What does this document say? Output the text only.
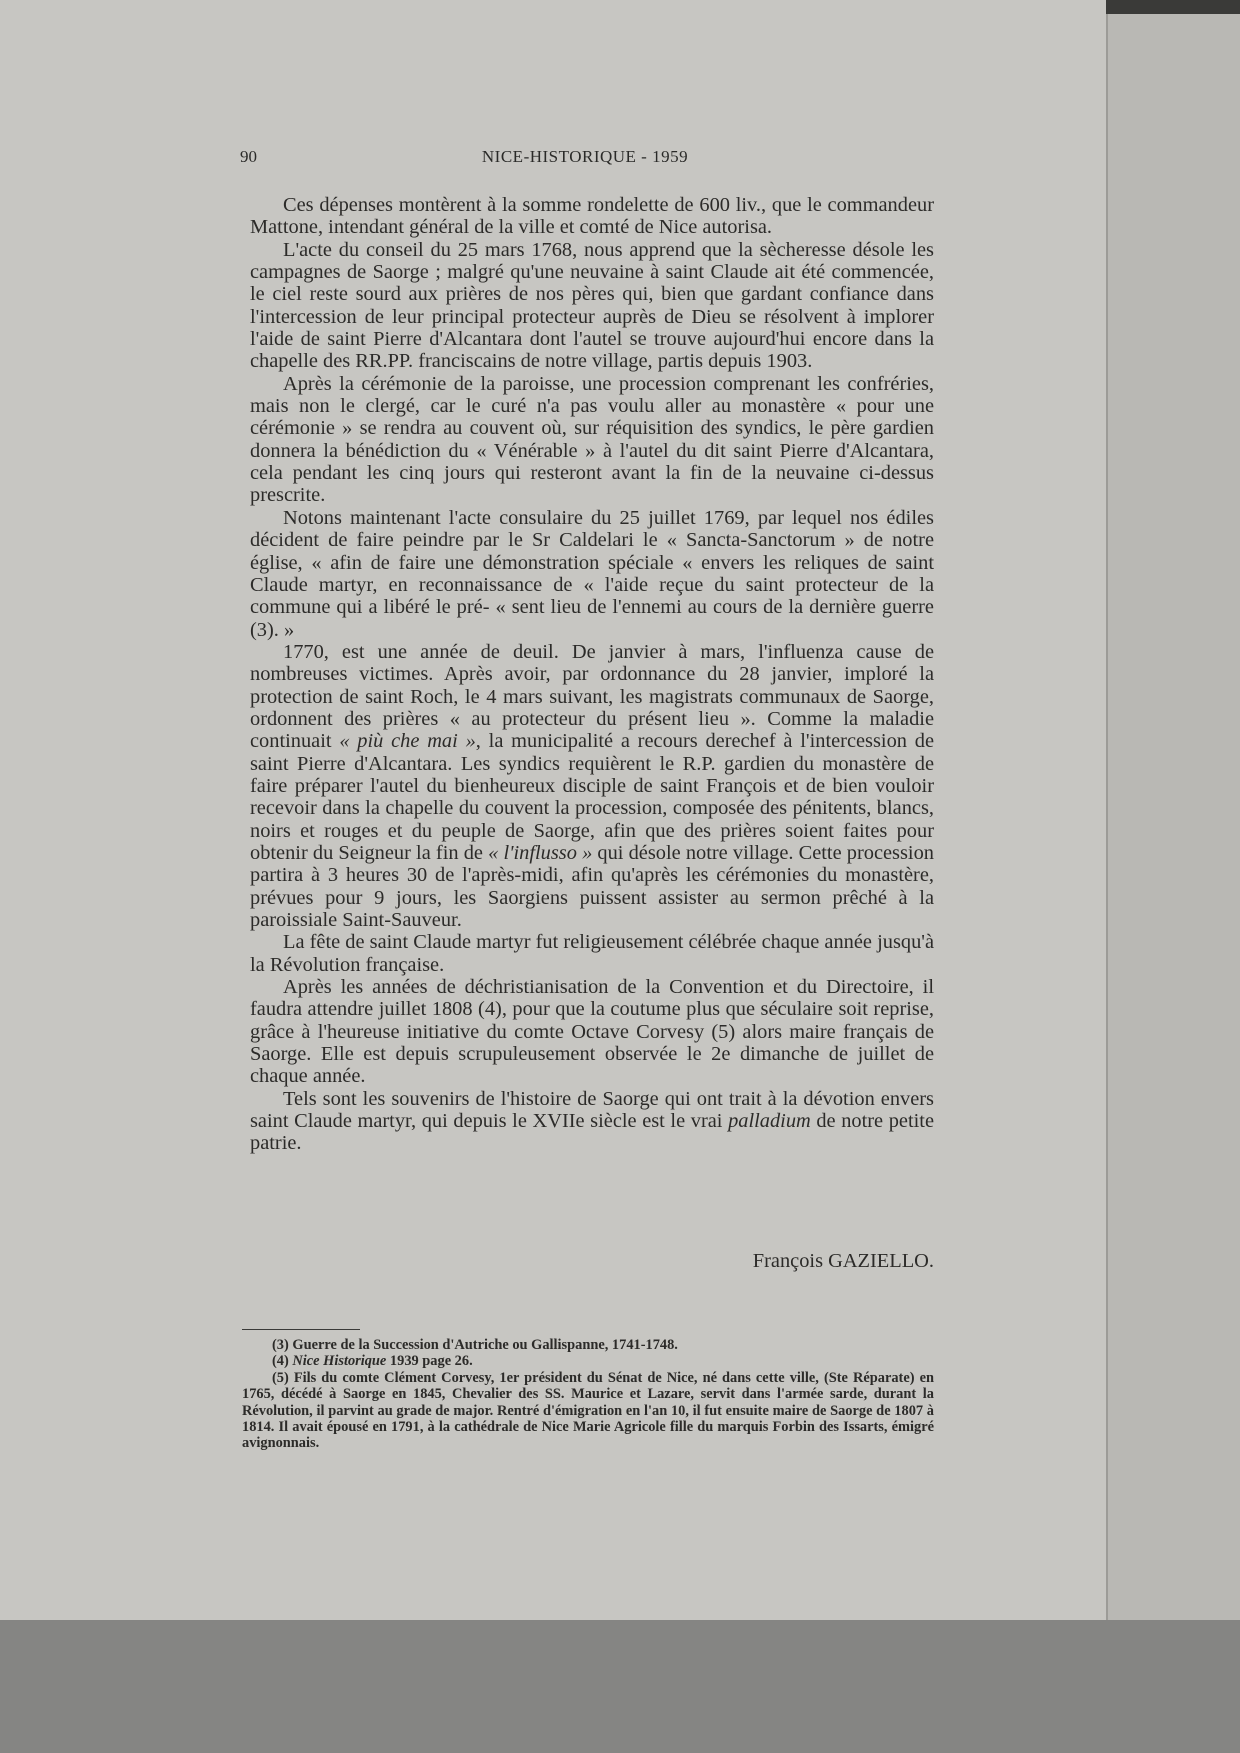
90	NICE-HISTORIQUE - 1959

Ces dépenses montèrent à la somme rondelette de 600 liv., que le commandeur Mattone, intendant général de la ville et comté de Nice autorisa.

L'acte du conseil du 25 mars 1768, nous apprend que la sècheresse désole les campagnes de Saorge ; malgré qu'une neuvaine à saint Claude ait été commencée, le ciel reste sourd aux prières de nos pères qui, bien que gardant confiance dans l'intercession de leur principal protecteur auprès de Dieu se résolvent à implorer l'aide de saint Pierre d'Alcantara dont l'autel se trouve aujourd'hui encore dans la chapelle des RR.PP. franciscains de notre village, partis depuis 1903.

Après la cérémonie de la paroisse, une procession comprenant les confréries, mais non le clergé, car le curé n'a pas voulu aller au monastère « pour une cérémonie » se rendra au couvent où, sur réquisition des syndics, le père gardien donnera la bénédiction du « Vénérable » à l'autel du dit saint Pierre d'Alcantara, cela pendant les cinq jours qui resteront avant la fin de la neuvaine ci-dessus prescrite.

Notons maintenant l'acte consulaire du 25 juillet 1769, par lequel nos édiles décident de faire peindre par le Sr Caldelari le « Sancta-Sanctorum » de notre église, « afin de faire une démonstration spéciale « envers les reliques de saint Claude martyr, en reconnaissance de « l'aide reçue du saint protecteur de la commune qui a libéré le pré- « sent lieu de l'ennemi au cours de la dernière guerre (3). »

1770, est une année de deuil. De janvier à mars, l'influenza cause de nombreuses victimes. Après avoir, par ordonnance du 28 janvier, imploré la protection de saint Roch, le 4 mars suivant, les magistrats communaux de Saorge, ordonnent des prières « au protecteur du présent lieu ». Comme la maladie continuait « più che mai », la municipalité a recours derechef à l'intercession de saint Pierre d'Alcantara. Les syndics requièrent le R.P. gardien du monastère de faire préparer l'autel du bienheureux disciple de saint François et de bien vouloir recevoir dans la chapelle du couvent la procession, composée des pénitents, blancs, noirs et rouges et du peuple de Saorge, afin que des prières soient faites pour obtenir du Seigneur la fin de « l'influsso » qui désole notre village. Cette procession partira à 3 heures 30 de l'après-midi, afin qu'après les cérémonies du monastère, prévues pour 9 jours, les Saorgiens puissent assister au sermon prêché à la paroissiale Saint-Sauveur.

La fête de saint Claude martyr fut religieusement célébrée chaque année jusqu'à la Révolution française.

Après les années de déchristianisation de la Convention et du Directoire, il faudra attendre juillet 1808 (4), pour que la coutume plus que séculaire soit reprise, grâce à l'heureuse initiative du comte Octave Corvesy (5) alors maire français de Saorge. Elle est depuis scrupuleusement observée le 2e dimanche de juillet de chaque année.

Tels sont les souvenirs de l'histoire de Saorge qui ont trait à la dévotion envers saint Claude martyr, qui depuis le XVIIe siècle est le vrai palladium de notre petite patrie.

François GAZIELLO.

(3) Guerre de la Succession d'Autriche ou Gallispanne, 1741-1748.

(4) Nice Historique 1939 page 26.

(5) Fils du comte Clément Corvesy, 1er président du Sénat de Nice, né dans cette ville, (Ste Réparate) en 1765, décédé à Saorge en 1845, Chevalier des SS. Maurice et Lazare, servit dans l'armée sarde, durant la Révolution, il parvint au grade de major. Rentré d'émigration en l'an 10, il fut ensuite maire de Saorge de 1807 à 1814. Il avait épousé en 1791, à la cathédrale de Nice Marie Agricole fille du marquis Forbin des Issarts, émigré avignonnais.
